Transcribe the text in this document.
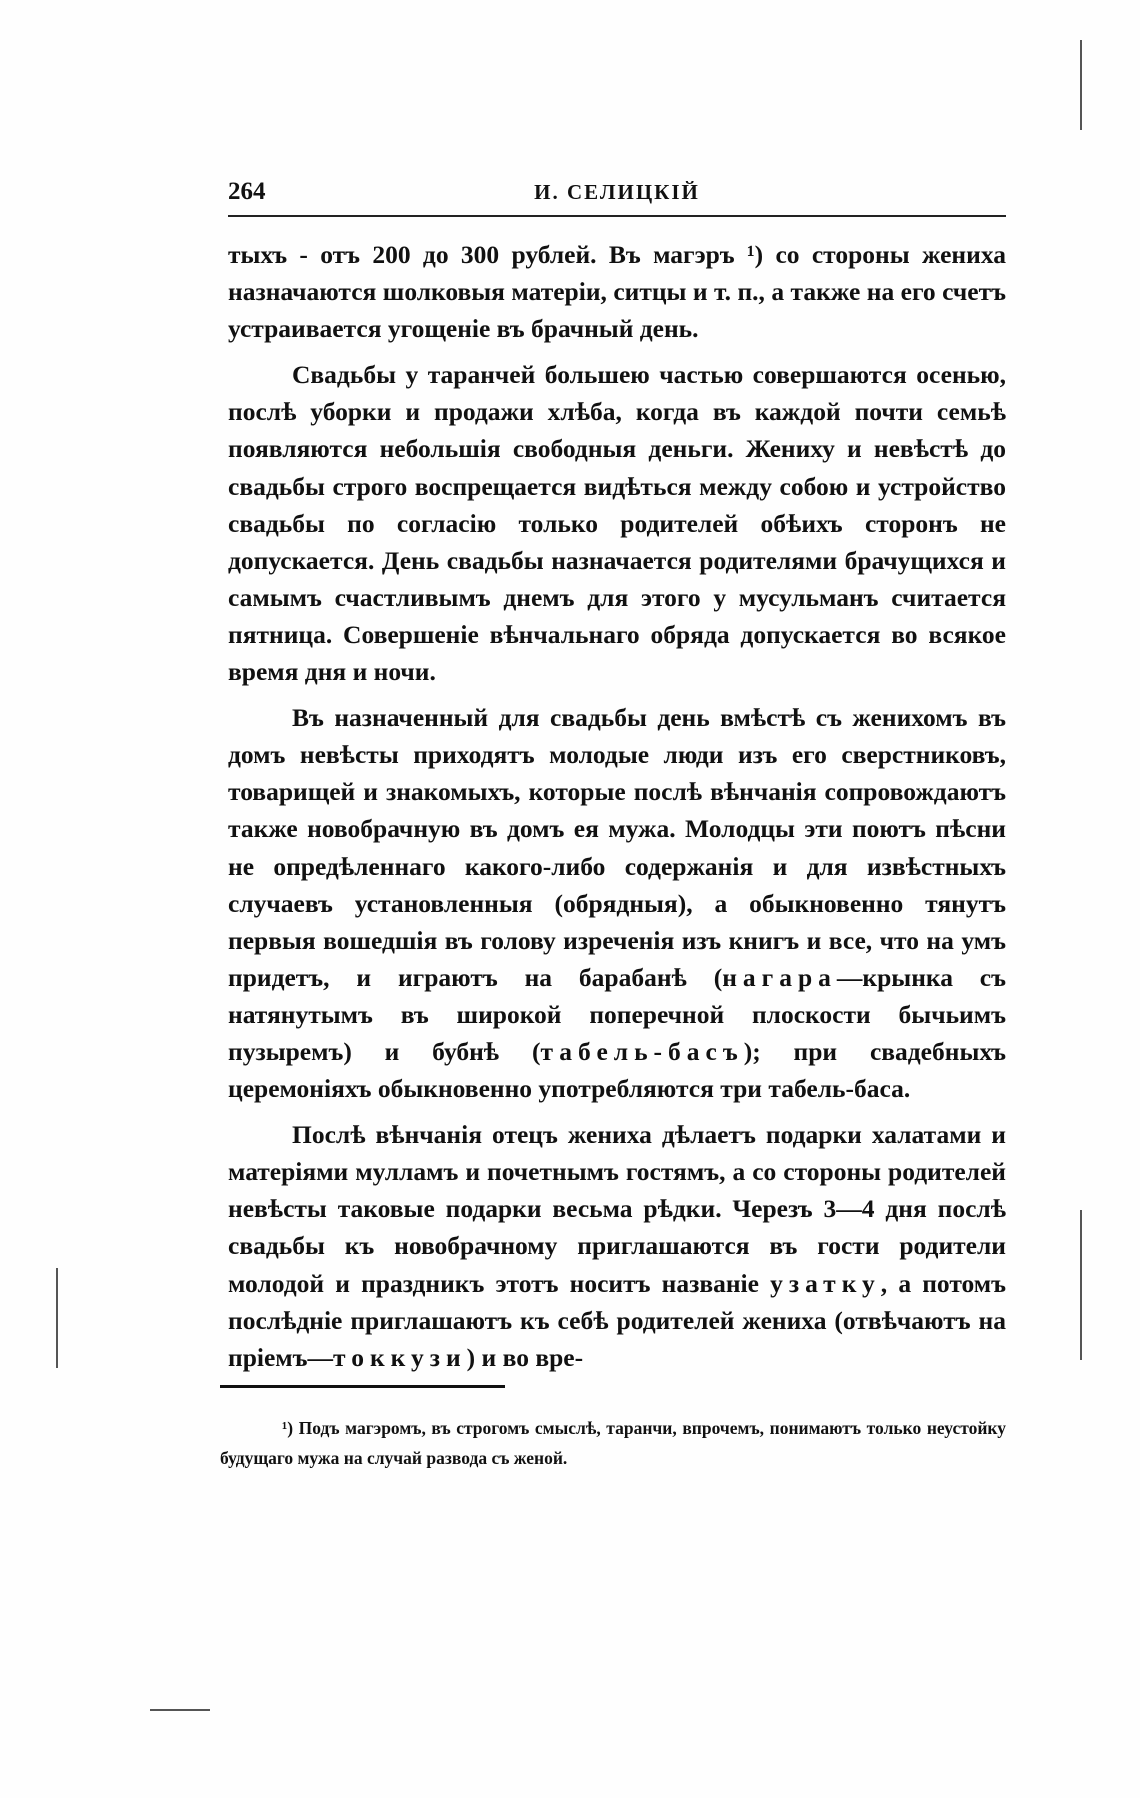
264	И. СЕЛИЦКІЙ

тыхъ - отъ 200 до 300 рублей. Въ магэръ ¹) со стороны жениха назначаются шолковыя матеріи, ситцы и т. п., а также на его счетъ устраивается угощеніе въ брачный день.

Свадьбы у таранчей большею частью совершаются осенью, послѣ уборки и продажи хлѣба, когда въ каждой почти семьѣ появляются небольшія свободныя деньги. Жениху и невѣстѣ до свадьбы строго воспрещается видѣться между собою и устройство свадьбы по согласію только родителей обѣихъ сторонъ не допускается. День свадьбы назначается родителями брачущихся и самымъ счастливымъ днемъ для этого у мусульманъ считается пятница. Совершеніе вѣнчальнаго обряда допускается во всякое время дня и ночи.

Въ назначенный для свадьбы день вмѣстѣ съ женихомъ въ домъ невѣсты приходятъ молодые люди изъ его сверстниковъ, товарищей и знакомыхъ, которые послѣ вѣнчанія сопровождаютъ также новобрачную въ домъ ея мужа. Молодцы эти поютъ пѣсни не опредѣленнаго какого-либо содержанія и для извѣстныхъ случаевъ установленныя (обрядныя), а обыкновенно тянутъ первыя вошедшія въ голову изреченія изъ книгъ и все, что на умъ придетъ, и играютъ на барабанѣ (нагара—крынка съ натянутымъ въ широкой поперечной плоскости бычьимъ пузыремъ) и бубнѣ (табель-басъ); при свадебныхъ церемоніяхъ обыкновенно употребляются три табель-баса.

Послѣ вѣнчанія отецъ жениха дѣлаетъ подарки халатами и матеріями мулламъ и почетнымъ гостямъ, а со стороны родителей невѣсты таковые подарки весьма рѣдки. Черезъ 3—4 дня послѣ свадьбы къ новобрачному приглашаются въ гости родители молодой и праздникъ этотъ носитъ названіе узатку, а потомъ послѣдніе приглашаютъ къ себѣ родителей жениха (отвѣчаютъ на пріемъ—токкузи) и во вре-

¹) Подъ магэромъ, въ строгомъ смыслѣ, таранчи, впрочемъ, понимаютъ только неустойку будущаго мужа на случай развода съ женой.
